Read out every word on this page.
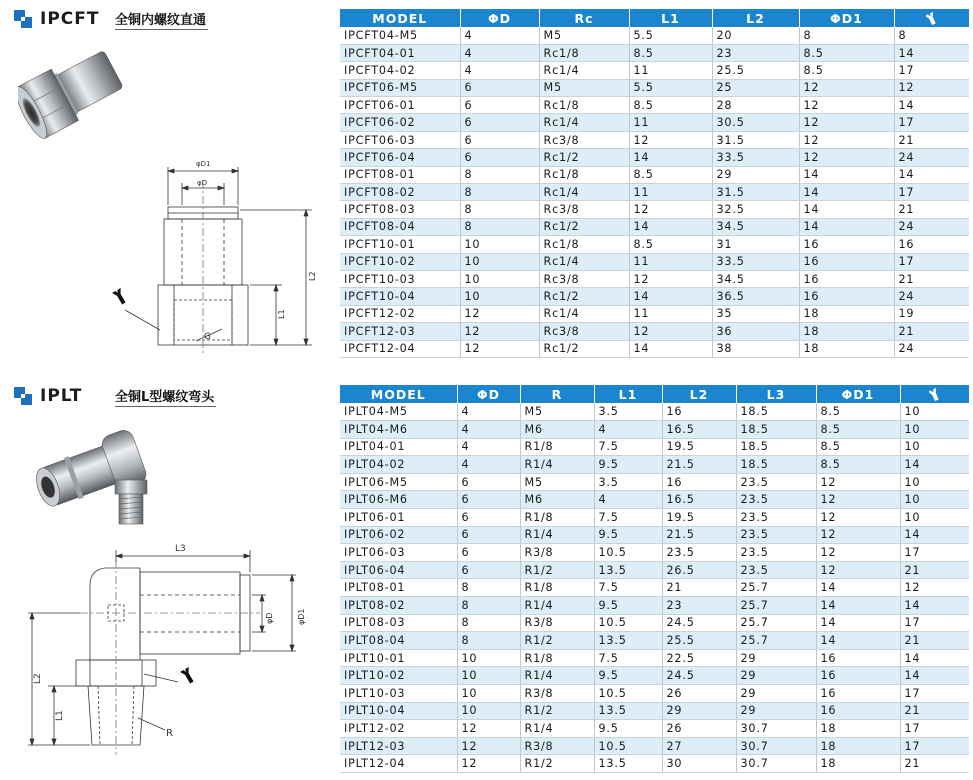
IPCFT	全铜内螺纹直通
φD1
φD
L2
L1
G
MODEL	ΦD	Rc	L1	L2	ΦD1	
IPCFT04-M5	4	M5	5.5	20	8	8
IPCFT04-01	4	Rc1/8	8.5	23	8.5	14
IPCFT04-02	4	Rc1/4	11	25.5	8.5	17
IPCFT06-M5	6	M5	5.5	25	12	12
IPCFT06-01	6	Rc1/8	8.5	28	12	14
IPCFT06-02	6	Rc1/4	11	30.5	12	17
IPCFT06-03	6	Rc3/8	12	31.5	12	21
IPCFT06-04	6	Rc1/2	14	33.5	12	24
IPCFT08-01	8	Rc1/8	8.5	29	14	14
IPCFT08-02	8	Rc1/4	11	31.5	14	17
IPCFT08-03	8	Rc3/8	12	32.5	14	21
IPCFT08-04	8	Rc1/2	14	34.5	14	24
IPCFT10-01	10	Rc1/8	8.5	31	16	16
IPCFT10-02	10	Rc1/4	11	33.5	16	17
IPCFT10-03	10	Rc3/8	12	34.5	16	21
IPCFT10-04	10	Rc1/2	14	36.5	16	24
IPCFT12-02	12	Rc1/4	11	35	18	19
IPCFT12-03	12	Rc3/8	12	36	18	21
IPCFT12-04	12	Rc1/2	14	38	18	24
IPLT	全铜L型螺纹弯头
L3
φD	φD1
L2
L1
R
MODEL	ΦD	R	L1	L2	L3	ΦD1	
IPLT04-M5	4	M5	3.5	16	18.5	8.5	10
IPLT04-M6	4	M6	4	16.5	18.5	8.5	10
IPLT04-01	4	R1/8	7.5	19.5	18.5	8.5	10
IPLT04-02	4	R1/4	9.5	21.5	18.5	8.5	14
IPLT06-M5	6	M5	3.5	16	23.5	12	10
IPLT06-M6	6	M6	4	16.5	23.5	12	10
IPLT06-01	6	R1/8	7.5	19.5	23.5	12	10
IPLT06-02	6	R1/4	9.5	21.5	23.5	12	14
IPLT06-03	6	R3/8	10.5	23.5	23.5	12	17
IPLT06-04	6	R1/2	13.5	26.5	23.5	12	21
IPLT08-01	8	R1/8	7.5	21	25.7	14	12
IPLT08-02	8	R1/4	9.5	23	25.7	14	14
IPLT08-03	8	R3/8	10.5	24.5	25.7	14	17
IPLT08-04	8	R1/2	13.5	25.5	25.7	14	21
IPLT10-01	10	R1/8	7.5	22.5	29	16	14
IPLT10-02	10	R1/4	9.5	24.5	29	16	14
IPLT10-03	10	R3/8	10.5	26	29	16	17
IPLT10-04	10	R1/2	13.5	29	29	16	21
IPLT12-02	12	R1/4	9.5	26	30.7	18	17
IPLT12-03	12	R3/8	10.5	27	30.7	18	17
IPLT12-04	12	R1/2	13.5	30	30.7	18	21
